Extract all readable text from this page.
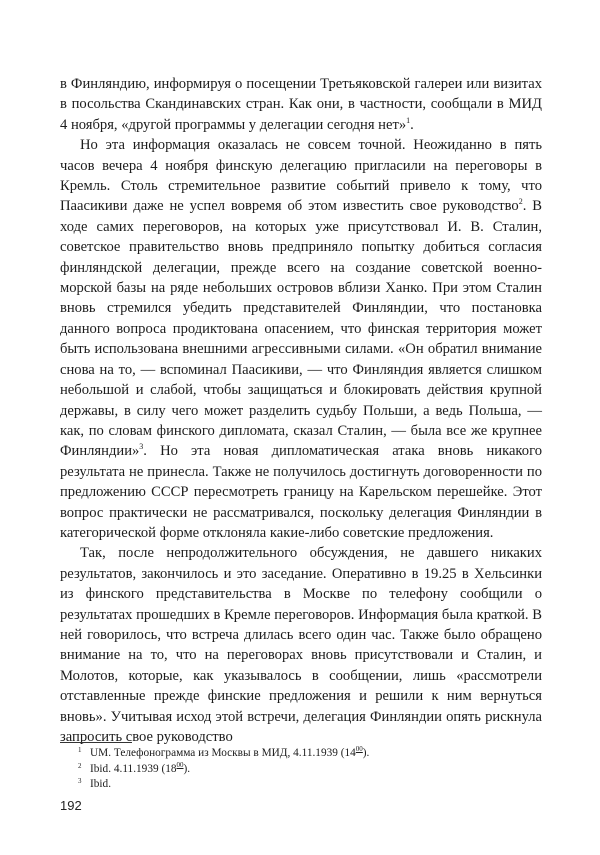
в Финляндию, информируя о посещении Третьяковской галереи или визитах в посольства Скандинавских стран. Как они, в частности, сообщали в МИД 4 ноября, «другой программы у делегации сегодня нет»$^1$.

Но эта информация оказалась не совсем точной. Неожиданно в пять часов вечера 4 ноября финскую делегацию пригласили на переговоры в Кремль. Столь стремительное развитие событий привело к тому, что Паасикиви даже не успел вовремя об этом известить свое руководство$^2$. В ходе самих переговоров, на которых уже присутствовал И. В. Сталин, советское правительство вновь предприняло попытку добиться согласия финляндской делегации, прежде всего на создание советской военно-морской базы на ряде небольших островов вблизи Ханко. При этом Сталин вновь стремился убедить представителей Финляндии, что постановка данного вопроса продиктована опасением, что финская территория может быть использована внешними агрессивными силами. «Он обратил внимание снова на то, — вспоминал Паасикиви, — что Финляндия является слишком небольшой и слабой, чтобы защищаться и блокировать действия крупной державы, в силу чего может разделить судьбу Польши, а ведь Польша, — как, по словам финского дипломата, сказал Сталин, — была все же крупнее Финляндии»$^3$. Но эта новая дипломатическая атака вновь никакого результата не принесла. Также не получилось достигнуть договоренности по предложению СССР пересмотреть границу на Карельском перешейке. Этот вопрос практически не рассматривался, поскольку делегация Финляндии в категорической форме отклоняла какие-либо советские предложения.

Так, после непродолжительного обсуждения, не давшего никаких результатов, закончилось и это заседание. Оперативно в 19.25 в Хельсинки из финского представительства в Москве по телефону сообщили о результатах прошедших в Кремле переговоров. Информация была краткой. В ней говорилось, что встреча длилась всего один час. Также было обращено внимание на то, что на переговорах вновь присутствовали и Сталин, и Молотов, которые, как указывалось в сообщении, лишь «рассмотрели отставленные прежде финские предложения и решили к ним вернуться вновь». Учитывая исход этой встречи, делегация Финляндии опять рискнула запросить свое руководство

1 UM. Телефонограмма из Москвы в МИД, 4.11.1939 $(14^{00})$.
2 Ibid. 4.11.1939 $(18^{00})$.
3 Ibid.
192
